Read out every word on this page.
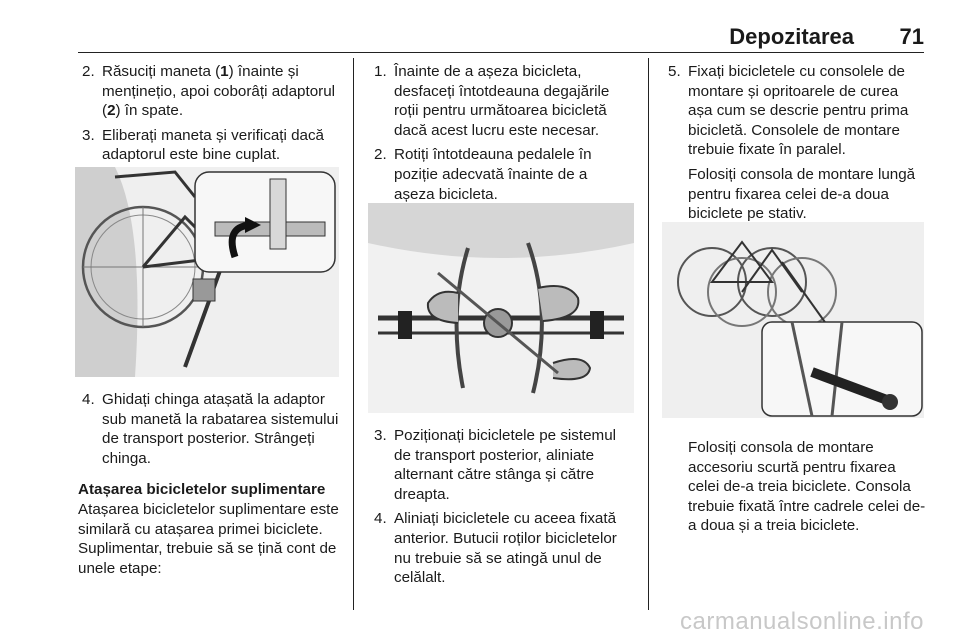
Depozitarea 71
2. Răsuciți maneta (1) înainte și menținețio, apoi coborâți adaptorul (2) în spate.
3. Eliberați maneta și verificați dacă adaptorul este bine cuplat.
4. Ghidați chinga atașată la adaptor sub manetă la rabatarea sistemului de transport posterior. Strângeți chinga.
Atașarea bicicletelor suplimentare
Atașarea bicicletelor suplimentare este similară cu atașarea primei biciclete. Suplimentar, trebuie să se țină cont de unele etape:
1. Înainte de a așeza bicicleta, desfaceți întotdeauna degajările roții pentru următoarea bicicletă dacă acest lucru este necesar.
2. Rotiți întotdeauna pedalele în poziție adecvată înainte de a așeza bicicleta.
3. Poziționați bicicletele pe sistemul de transport posterior, aliniate alternant către stânga și către dreapta.
4. Aliniați bicicletele cu aceea fixată anterior. Butucii roților bicicletelor nu trebuie să se atingă unul de celălalt.
5. Fixați bicicletele cu consolele de montare și opritoarele de curea așa cum se descrie pentru prima bicicletă. Consolele de montare trebuie fixate în paralel.
Folosiți consola de montare lungă pentru fixarea celei de-a doua biciclete pe stativ.
Folosiți consola de montare accesoriu scurtă pentru fixarea celei de-a treia biciclete. Consola trebuie fixată între cadrele celei de-a doua și a treia biciclete.
carmanualsonline.info
